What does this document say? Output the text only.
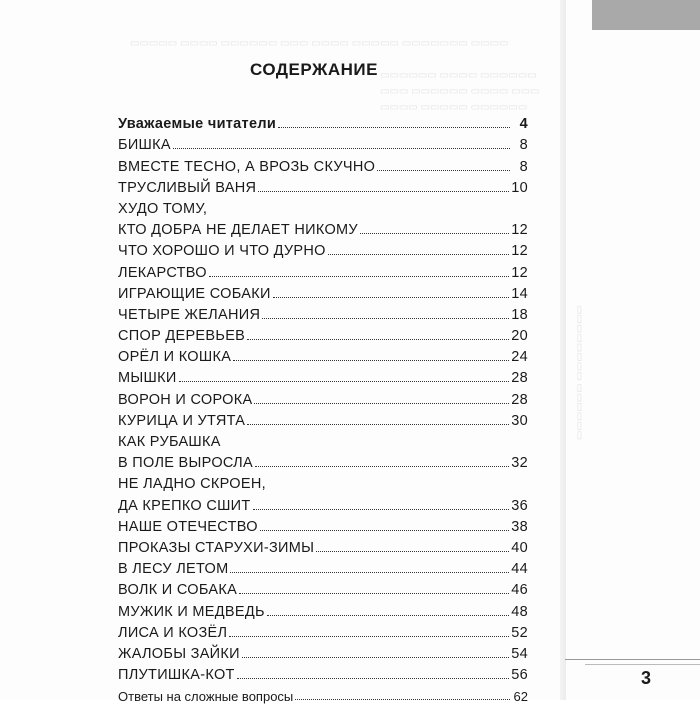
▭▭▭▭▭ ▭▭▭▭ ▭▭▭▭▭▭ ▭▭▭ ▭▭▭▭ ▭▭▭▭▭ ▭▭▭▭▭▭▭ ▭▭▭▭
▭▭▭▭▭▭ ▭▭▭▭ ▭▭▭▭▭▭
▭▭▭ ▭▭▭▭▭▭ ▭▭▭▭ ▭▭▭
▭▭▭▭ ▭▭▭▭▭ ▭▭▭▭▭▭
▭▭▭▭▭▭ ▭▭▭▭▭▭▭▭
СОДЕРЖАНИЕ
Уважаемые читатели	4
БИШКА	8
ВМЕСТЕ ТЕСНО, А ВРОЗЬ СКУЧНО	8
ТРУСЛИВЫЙ ВАНЯ	10
ХУДО ТОМУ,
КТО ДОБРА НЕ ДЕЛАЕТ НИКОМУ	12
ЧТО ХОРОШО И ЧТО ДУРНО	12
ЛЕКАРСТВО	12
ИГРАЮЩИЕ СОБАКИ	14
ЧЕТЫРЕ ЖЕЛАНИЯ	18
СПОР ДЕРЕВЬЕВ	20
ОРЁЛ И КОШКА	24
МЫШКИ	28
ВОРОН И СОРОКА	28
КУРИЦА И УТЯТА	30
КАК РУБАШКА
В ПОЛЕ ВЫРОСЛА	32
НЕ ЛАДНО СКРОЕН,
ДА КРЕПКО СШИТ	36
НАШЕ ОТЕЧЕСТВО	38
ПРОКАЗЫ СТАРУХИ-ЗИМЫ	40
В ЛЕСУ ЛЕТОМ	44
ВОЛК И СОБАКА	46
МУЖИК И МЕДВЕДЬ	48
ЛИСА И КОЗЁЛ	52
ЖАЛОБЫ ЗАЙКИ	54
ПЛУТИШКА-КОТ	56
Ответы на сложные вопросы	62
3
